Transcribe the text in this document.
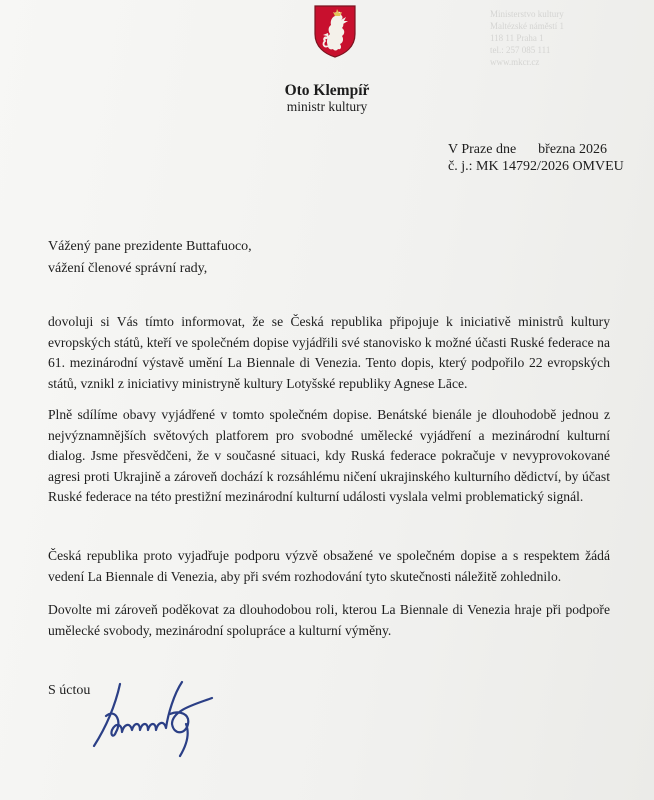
Ministerstvo kultury
Maltézské náměstí 1
118 11 Praha 1
tel.: 257 085 111
www.mkcr.cz
Oto Klempíř
ministr kultury
V Praze dne března 2026
č. j.: MK 14792/2026 OMVEU
Vážený pane prezidente Buttafuoco,
vážení členové správní rady,

dovoluji si Vás tímto informovat, že se Česká republika připojuje k iniciativě ministrů kultury evropských států, kteří ve společném dopise vyjádřili své stanovisko k možné účasti Ruské federace na 61. mezinárodní výstavě umění La Biennale di Venezia. Tento dopis, který podpořilo 22 evropských států, vznikl z iniciativy ministryně kultury Lotyšské republiky Agnese Lāce.

Plně sdílíme obavy vyjádřené v tomto společném dopise. Benátské bienále je dlouhodobě jednou z nejvýznamnějších světových platforem pro svobodné umělecké vyjádření a mezinárodní kulturní dialog. Jsme přesvědčeni, že v současné situaci, kdy Ruská federace pokračuje v nevyprovokované agresi proti Ukrajině a zároveň dochází k rozsáhlému ničení ukrajinského kulturního dědictví, by účast Ruské federace na této prestižní mezinárodní kulturní události vyslala velmi problematický signál.

Česká republika proto vyjadřuje podporu výzvě obsažené ve společném dopise a s respektem žádá vedení La Biennale di Venezia, aby při svém rozhodování tyto skutečnosti náležitě zohlednilo.

Dovolte mi zároveň poděkovat za dlouhodobou roli, kterou La Biennale di Venezia hraje při podpoře umělecké svobody, mezinárodní spolupráce a kulturní výměny.

S úctou
